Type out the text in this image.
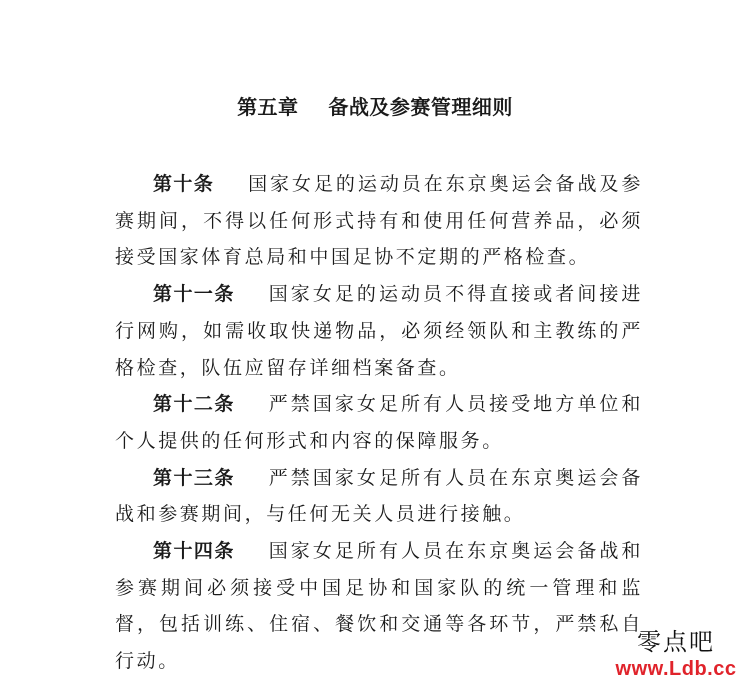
第五章    备战及参赛管理细则

第十条 国家女足的运动员在东京奥运会备战及参赛期间，不得以任何形式持有和使用任何营养品，必须接受国家体育总局和中国足协不定期的严格检查。

第十一条 国家女足的运动员不得直接或者间接进行网购，如需收取快递物品，必须经领队和主教练的严格检查，队伍应留存详细档案备查。

第十二条 严禁国家女足所有人员接受地方单位和个人提供的任何形式和内容的保障服务。

第十三条 严禁国家女足所有人员在东京奥运会备战和参赛期间，与任何无关人员进行接触。

第十四条 国家女足所有人员在东京奥运会备战和参赛期间必须接受中国足协和国家队的统一管理和监督，包括训练、住宿、餐饮和交通等各环节，严禁私自行动。

零点吧
www.Ldb.cc
